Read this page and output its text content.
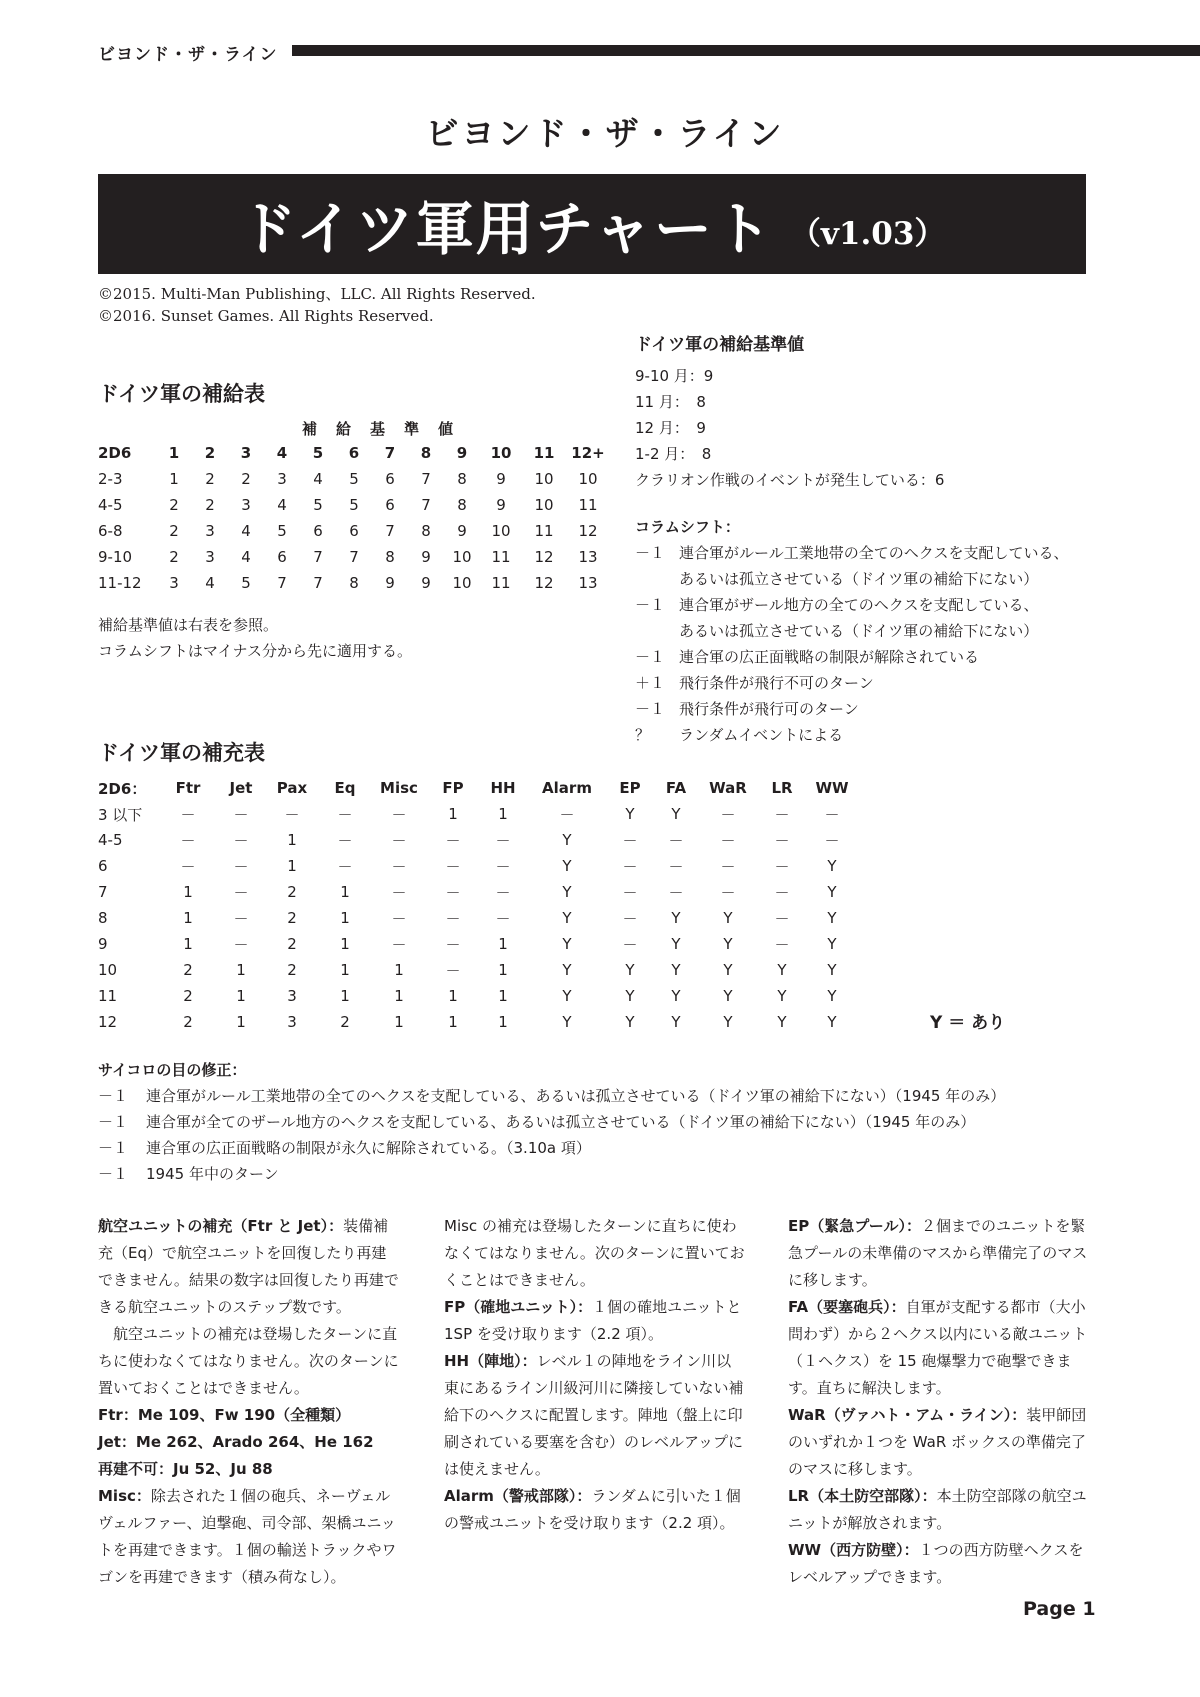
ビヨンド・ザ・ライン
ビヨンド・ザ・ライン
ドイツ軍用チャート （v1.03）
©2015. Multi-Man Publishing、LLC. All Rights Reserved.
©2016. Sunset Games. All Rights Reserved.
ドイツ軍の補給表
補　給　基　準　値
2D6	1	2	3	4	5	6	7	8	9	10	11	12+
2-3	1	2	2	3	4	5	6	7	8	9	10	10
4-5	2	2	3	4	5	5	6	7	8	9	10	11
6-8	2	3	4	5	6	6	7	8	9	10	11	12
9-10	2	3	4	6	7	7	8	9	10	11	12	13
11-12	3	4	5	7	7	8	9	9	10	11	12	13
補給基準値は右表を参照。
コラムシフトはマイナス分から先に適用する。
ドイツ軍の補給基準値
9-10 月：9
11 月：　8
12 月：　9
1-2 月：　8
クラリオン作戦のイベントが発生している：6
コラムシフト：
－１ 連合軍がルール工業地帯の全てのヘクスを支配している、
あるいは孤立させている（ドイツ軍の補給下にない）
－１ 連合軍がザール地方の全てのヘクスを支配している、
あるいは孤立させている（ドイツ軍の補給下にない）
－１ 連合軍の広正面戦略の制限が解除されている
＋１ 飛行条件が飛行不可のターン
－１ 飛行条件が飛行可のターン
？ ランダムイベントによる
ドイツ軍の補充表
2D6：	Ftr	Jet	Pax	Eq	Misc	FP	HH	Alarm	EP	FA	WaR	LR	WW
3 以下	－	－	－	－	－	1	1	－	Y	Y	－	－	－
4-5	－	－	1	－	－	－	－	Y	－	－	－	－	－
6	－	－	1	－	－	－	－	Y	－	－	－	－	Y
7	1	－	2	1	－	－	－	Y	－	－	－	－	Y
8	1	－	2	1	－	－	－	Y	－	Y	Y	－	Y
9	1	－	2	1	－	－	1	Y	－	Y	Y	－	Y
10	2	1	2	1	1	－	1	Y	Y	Y	Y	Y	Y
11	2	1	3	1	1	1	1	Y	Y	Y	Y	Y	Y
12	2	1	3	2	1	1	1	Y	Y	Y	Y	Y	Y	Y ＝ あり
サイコロの目の修正：
－１ 連合軍がルール工業地帯の全てのヘクスを支配している、あるいは孤立させている（ドイツ軍の補給下にない）（1945 年のみ）
－１ 連合軍が全てのザール地方のヘクスを支配している、あるいは孤立させている（ドイツ軍の補給下にない）（1945 年のみ）
－１ 連合軍の広正面戦略の制限が永久に解除されている。（3.10a 項）
－１ 1945 年中のターン

航空ユニットの補充（Ftr と Jet）：装備補充（Eq）で航空ユニットを回復したり再建できません。結果の数字は回復したり再建できる航空ユニットのステップ数です。

航空ユニットの補充は登場したターンに直ちに使わなくてはなりません。次のターンに置いておくことはできません。

Ftr：Me 109、Fw 190（全種類）

Jet：Me 262、Arado 264、He 162

再建不可：Ju 52、Ju 88

Misc：除去された１個の砲兵、ネーヴェルヴェルファー、迫撃砲、司令部、架橋ユニットを再建できます。１個の輸送トラックやワゴンを再建できます（積み荷なし）。

Misc の補充は登場したターンに直ちに使わなくてはなりません。次のターンに置いておくことはできません。

FP（確地ユニット）：１個の確地ユニットと 1SP を受け取ります（2.2 項）。

HH（陣地）：レベル１の陣地をライン川以東にあるライン川級河川に隣接していない補給下のヘクスに配置します。陣地（盤上に印刷されている要塞を含む）のレベルアップには使えません。

Alarm（警戒部隊）：ランダムに引いた１個の警戒ユニットを受け取ります（2.2 項）。

EP（緊急プール）：２個までのユニットを緊急プールの未準備のマスから準備完了のマスに移します。

FA（要塞砲兵）：自軍が支配する都市（大小問わず）から２ヘクス以内にいる敵ユニット（１ヘクス）を 15 砲爆撃力で砲撃できます。直ちに解決します。

WaR（ヴァハト・アム・ライン）：装甲師団のいずれか１つを WaR ボックスの準備完了のマスに移します。

LR（本土防空部隊）：本土防空部隊の航空ユニットが解放されます。

WW（西方防壁）：１つの西方防壁ヘクスをレベルアップできます。

Page 1
